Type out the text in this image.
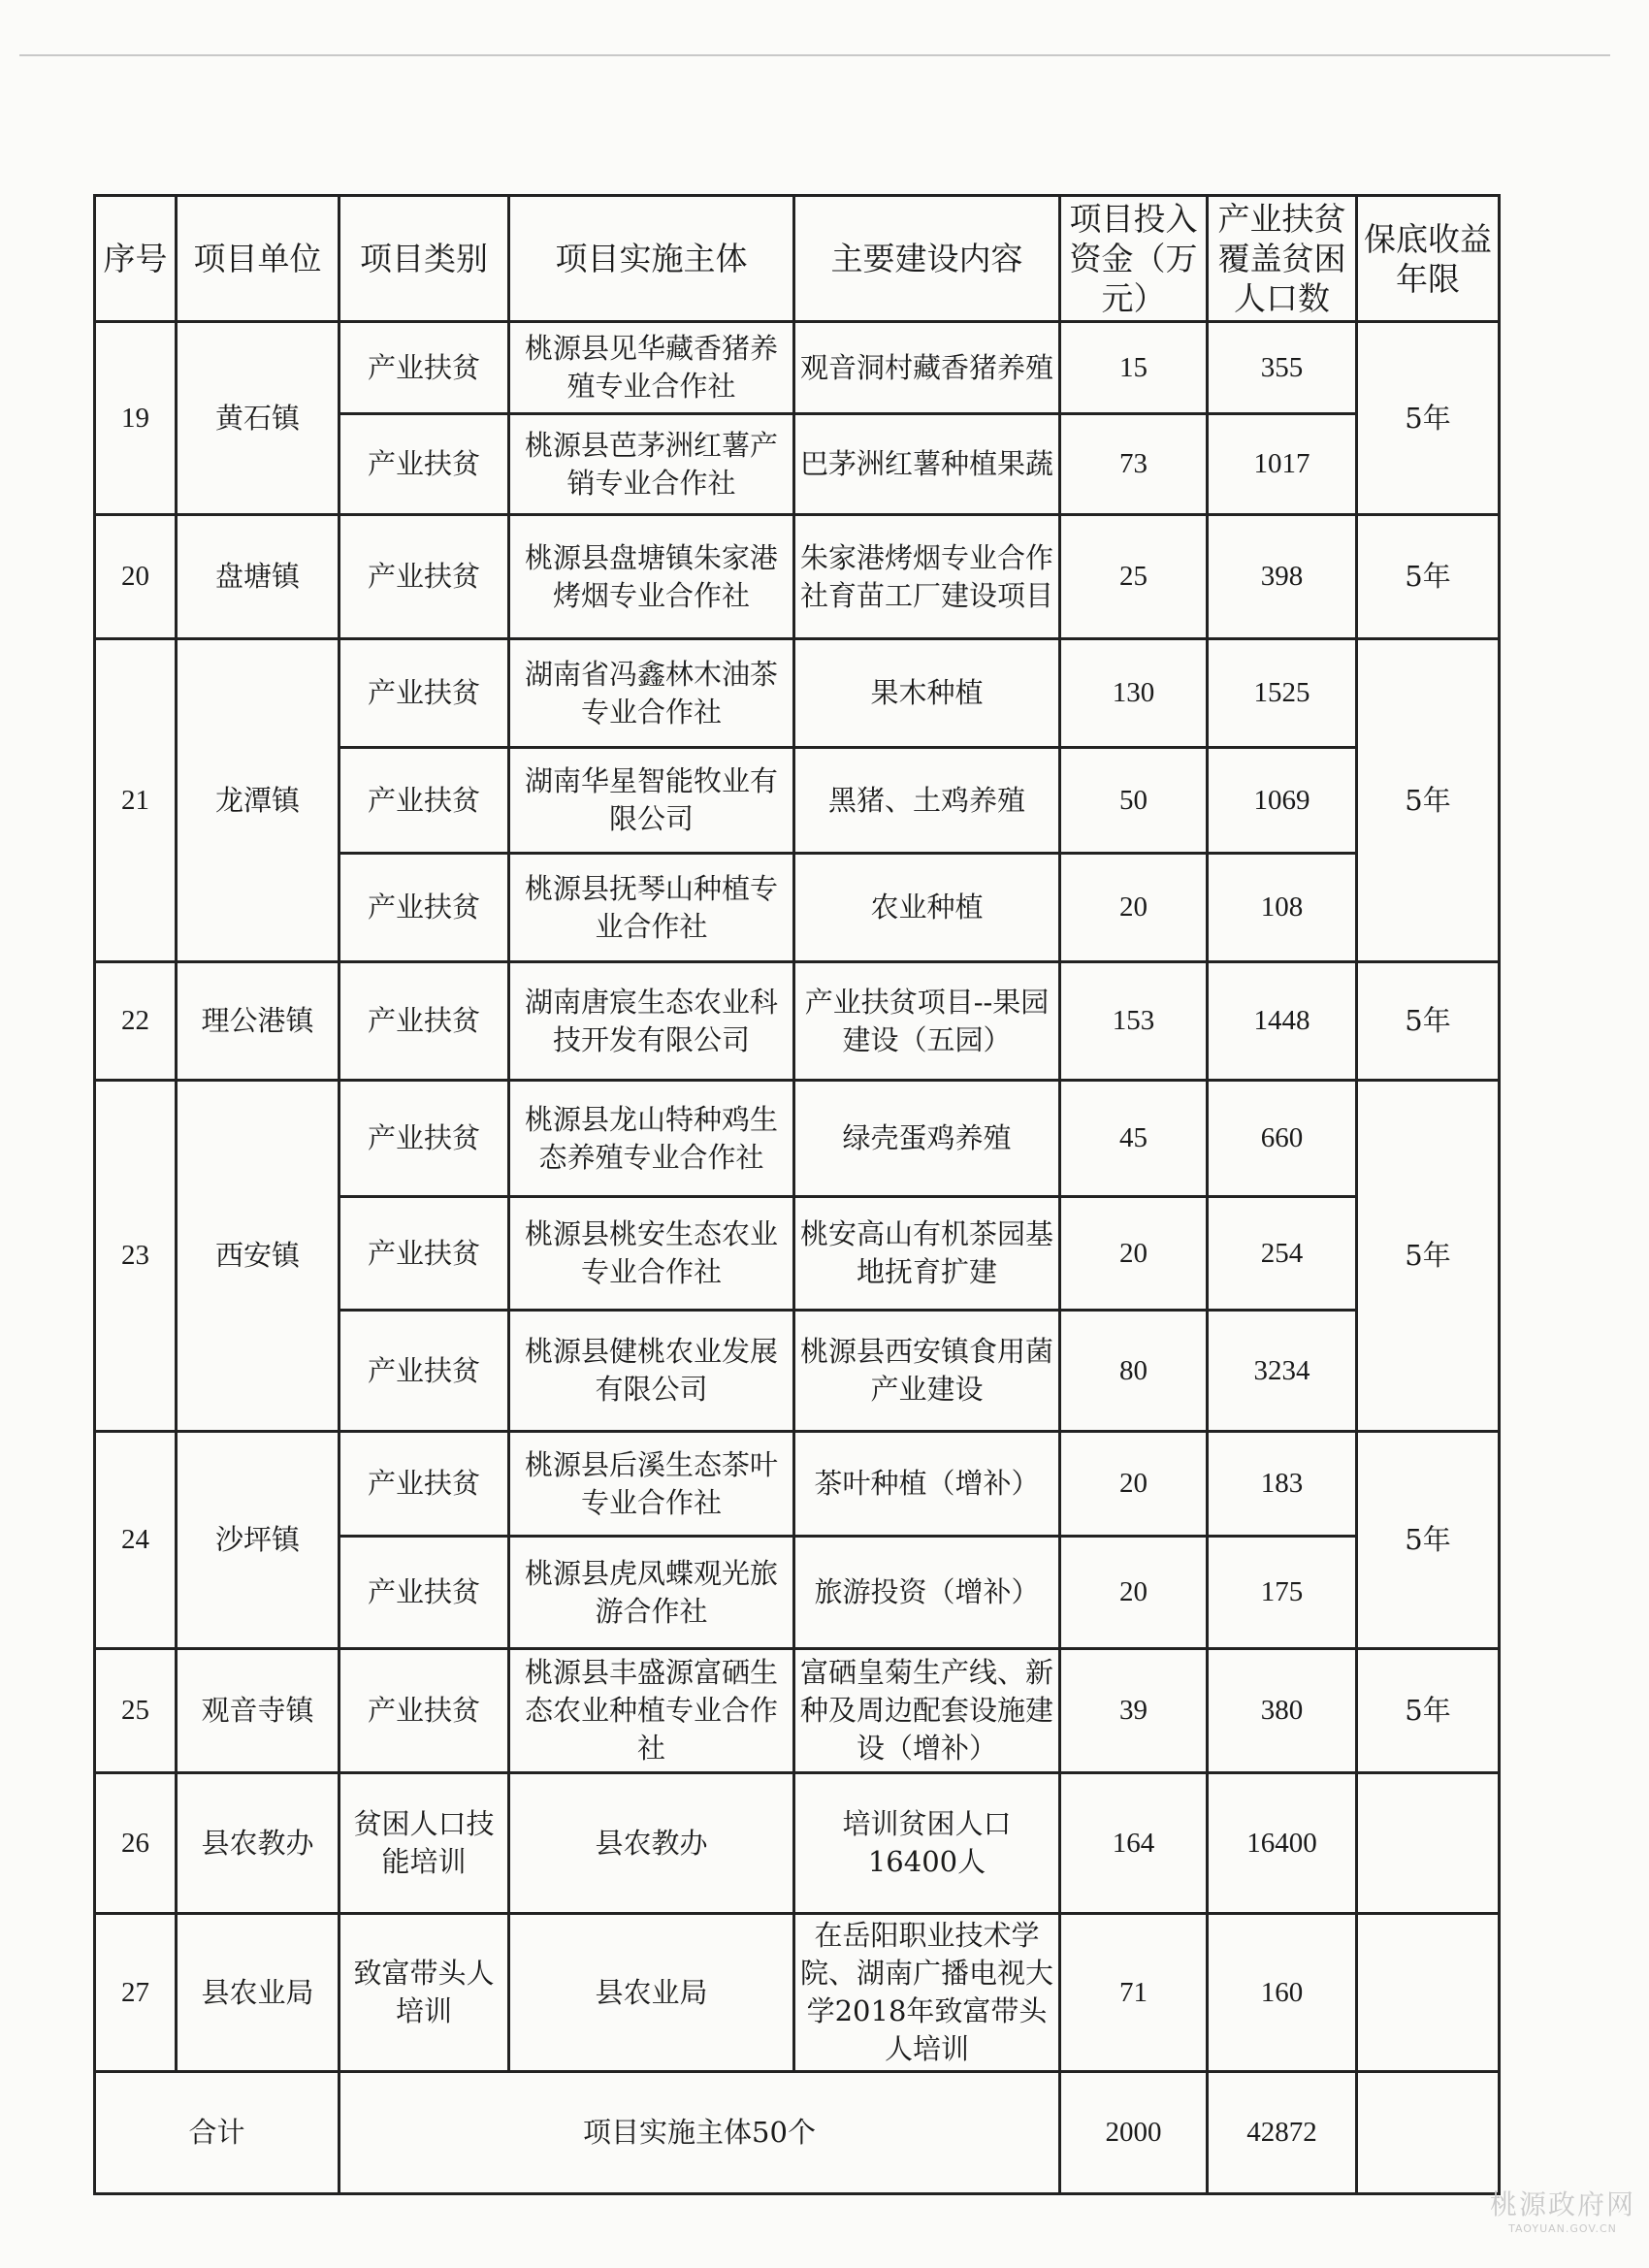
序号	项目单位	项目类别	项目实施主体	主要建设内容	项目投入资金（万元）	产业扶贫覆盖贫困人口数	保底收益年限
19	黄石镇	产业扶贫	桃源县见华藏香猪养殖专业合作社	观音洞村藏香猪养殖	15	355	5年
		产业扶贫	桃源县芭茅洲红薯产销专业合作社	巴茅洲红薯种植果蔬	73	1017	
20	盘塘镇	产业扶贫	桃源县盘塘镇朱家港烤烟专业合作社	朱家港烤烟专业合作社育苗工厂建设项目	25	398	5年
21	龙潭镇	产业扶贫	湖南省冯鑫林木油茶专业合作社	果木种植	130	1525	5年
		产业扶贫	湖南华星智能牧业有限公司	黑猪、土鸡养殖	50	1069	
		产业扶贫	桃源县抚琴山种植专业合作社	农业种植	20	108	
22	理公港镇	产业扶贫	湖南唐宸生态农业科技开发有限公司	产业扶贫项目--果园建设（五园）	153	1448	5年
23	西安镇	产业扶贫	桃源县龙山特种鸡生态养殖专业合作社	绿壳蛋鸡养殖	45	660	5年
		产业扶贫	桃源县桃安生态农业专业合作社	桃安高山有机茶园基地抚育扩建	20	254	
		产业扶贫	桃源县健桃农业发展有限公司	桃源县西安镇食用菌产业建设	80	3234	
24	沙坪镇	产业扶贫	桃源县后溪生态茶叶专业合作社	茶叶种植（增补）	20	183	5年
		产业扶贫	桃源县虎凤蝶观光旅游合作社	旅游投资（增补）	20	175	
25	观音寺镇	产业扶贫	桃源县丰盛源富硒生态农业种植专业合作社	富硒皇菊生产线、新种及周边配套设施建设（增补）	39	380	5年
26	县农教办	贫困人口技能培训	县农教办	培训贫困人口16400人	164	16400	
27	县农业局	致富带头人培训	县农业局	在岳阳职业技术学院、湖南广播电视大学2018年致富带头人培训	71	160	
合计		项目实施主体50个			2000	42872	
桃源政府网
TAOYUAN.GOV.CN
